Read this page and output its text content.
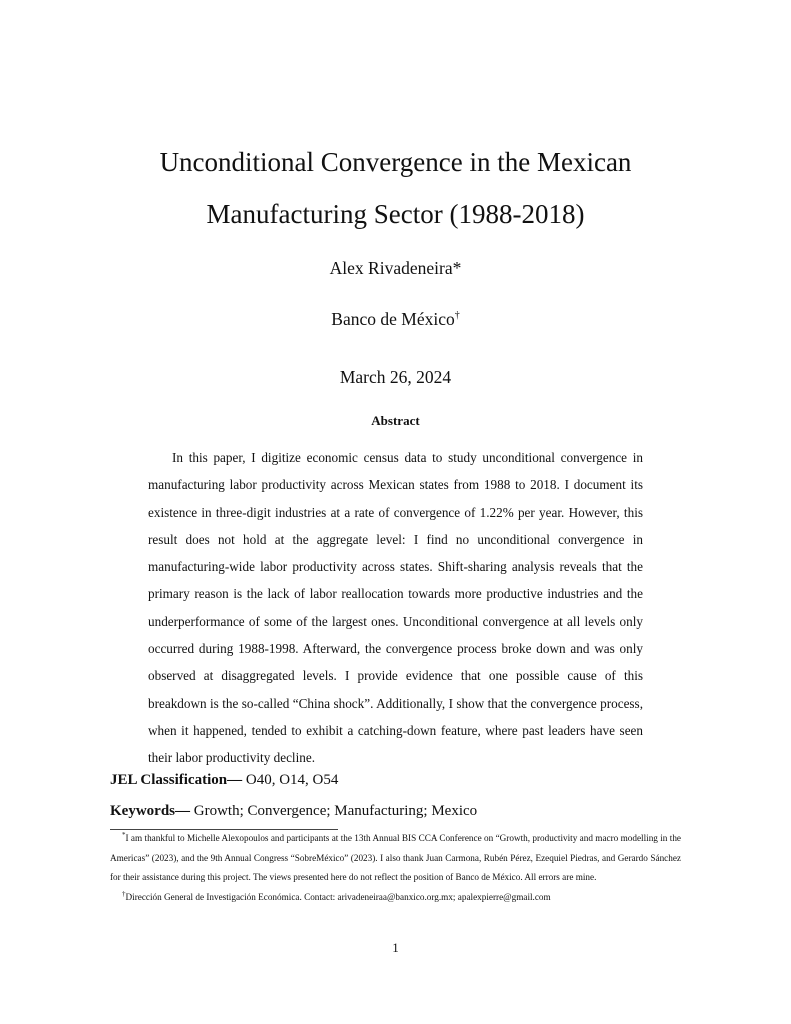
Unconditional Convergence in the Mexican
Manufacturing Sector (1988-2018)
Alex Rivadeneira*
Banco de México†
March 26, 2024
Abstract

In this paper, I digitize economic census data to study unconditional convergence in manufacturing labor productivity across Mexican states from 1988 to 2018. I document its existence in three-digit industries at a rate of convergence of 1.22% per year. However, this result does not hold at the aggregate level: I find no unconditional convergence in manufacturing-wide labor productivity across states. Shift-sharing analysis reveals that the primary reason is the lack of labor reallocation towards more productive industries and the underperformance of some of the largest ones. Unconditional convergence at all levels only occurred during 1988-1998. Afterward, the convergence process broke down and was only observed at disaggregated levels. I provide evidence that one possible cause of this breakdown is the so-called “China shock”. Additionally, I show that the convergence process, when it happened, tended to exhibit a catching-down feature, where past leaders have seen their labor productivity decline.

JEL Classification— O40, O14, O54
Keywords— Growth; Convergence; Manufacturing; Mexico

*I am thankful to Michelle Alexopoulos and participants at the 13th Annual BIS CCA Conference on “Growth, productivity and macro modelling in the Americas” (2023), and the 9th Annual Congress “SobreMéxico” (2023). I also thank Juan Carmona, Rubén Pérez, Ezequiel Piedras, and Gerardo Sánchez for their assistance during this project. The views presented here do not reflect the position of Banco de México. All errors are mine.

†Dirección General de Investigación Económica. Contact: arivadeneiraa@banxico.org.mx; apalexpierre@gmail.com

1
